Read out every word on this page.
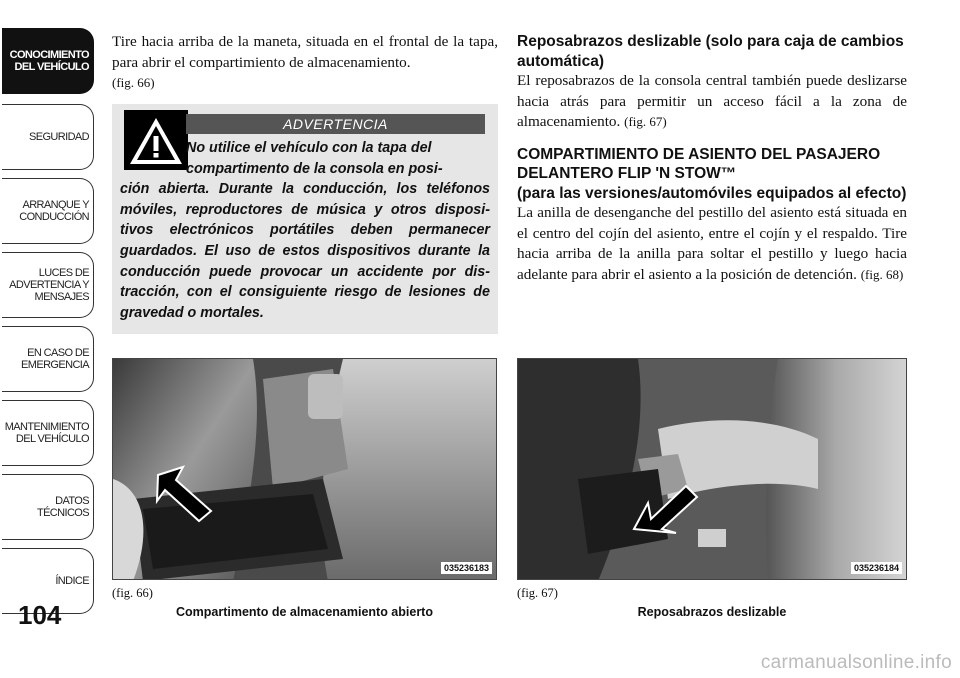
CONOCIMIENTO DEL VEHÍCULO
SEGURIDAD
ARRANQUE Y CONDUCCIÓN
LUCES DE ADVERTENCIA Y MENSAJES
EN CASO DE EMERGENCIA
MANTENIMIENTO DEL VEHÍCULO
DATOS TÉCNICOS
ÍNDICE
104

Tire hacia arriba de la maneta, situada en el frontal de la tapa, para abrir el compartimiento de almacenamiento.
(fig. 66)

ADVERTENCIA
No utilice el vehículo con la tapa del
compartimento de la consola en posi-
ción abierta. Durante la conducción, los teléfonos móviles, reproductores de música y otros disposi-tivos electrónicos portátiles deben permanecer guardados. El uso de estos dispositivos durante la conducción puede provocar un accidente por dis-tracción, con el consiguiente riesgo de lesiones de gravedad o mortales.
Reposabrazos deslizable (solo para caja de cambios automática)

El reposabrazos de la consola central también puede deslizarse hacia atrás para permitir un acceso fácil a la zona de almacenamiento. (fig. 67)

COMPARTIMIENTO DE ASIENTO DEL PASAJERO DELANTERO FLIP 'N STOW™
(para las versiones/automóviles equipados al efecto)

La anilla de desenganche del pestillo del asiento está situada en el centro del cojín del asiento, entre el cojín y el respaldo. Tire hacia arriba de la anilla para soltar el pestillo y luego hacia adelante para abrir el asiento a la posición de detención. (fig. 68)

035236183	035236184
(fig. 66)
Compartimento de almacenamiento abierto
(fig. 67)
Reposabrazos deslizable
carmanualsonline.info
